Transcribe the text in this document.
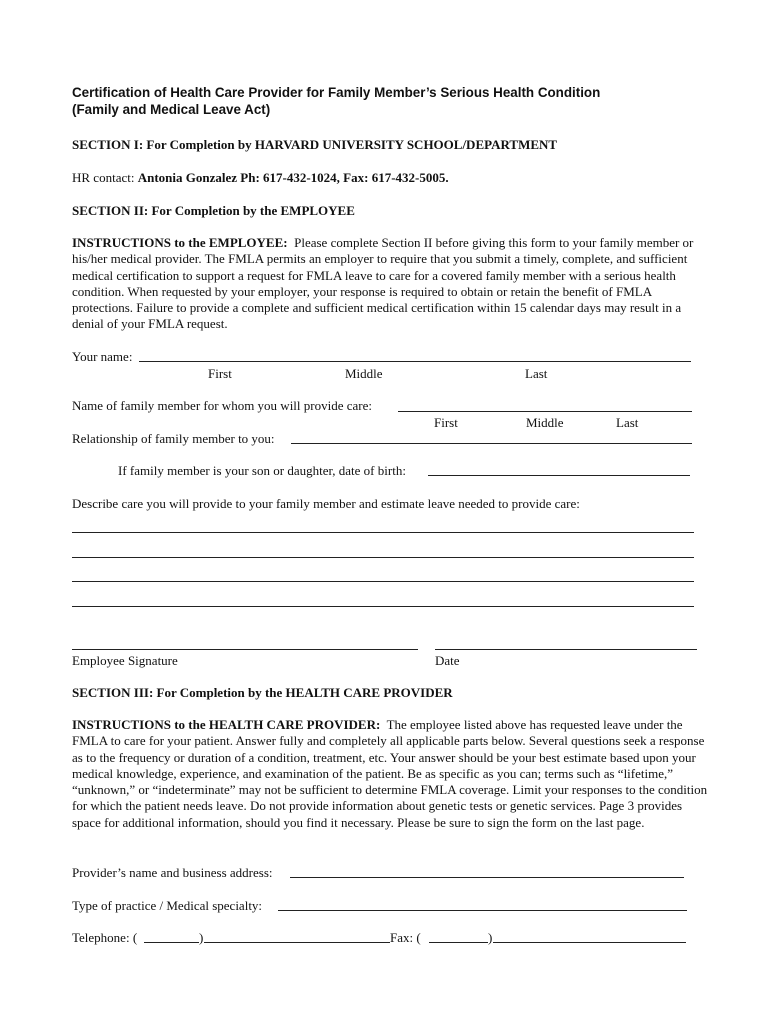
Certification of Health Care Provider for Family Member’s Serious Health Condition
(Family and Medical Leave Act)
SECTION I: For Completion by HARVARD UNIVERSITY SCHOOL/DEPARTMENT
HR contact: Antonia Gonzalez Ph: 617-432-1024, Fax: 617-432-5005.
SECTION II: For Completion by the EMPLOYEE
INSTRUCTIONS to the EMPLOYEE: Please complete Section II before giving this form to your family member or his/her medical provider. The FMLA permits an employer to require that you submit a timely, complete, and sufficient medical certification to support a request for FMLA leave to care for a covered family member with a serious health condition. When requested by your employer, your response is required to obtain or retain the benefit of FMLA protections. Failure to provide a complete and sufficient medical certification within 15 calendar days may result in a denial of your FMLA request.
Your name:
First	Middle	Last
Name of family member for whom you will provide care:
First	Middle	Last
Relationship of family member to you:
If family member is your son or daughter, date of birth:
Describe care you will provide to your family member and estimate leave needed to provide care:
Employee Signature	Date
SECTION III: For Completion by the HEALTH CARE PROVIDER
INSTRUCTIONS to the HEALTH CARE PROVIDER: The employee listed above has requested leave under the FMLA to care for your patient. Answer fully and completely all applicable parts below. Several questions seek a response as to the frequency or duration of a condition, treatment, etc. Your answer should be your best estimate based upon your medical knowledge, experience, and examination of the patient. Be as specific as you can; terms such as “lifetime,” “unknown,” or “indeterminate” may not be sufficient to determine FMLA coverage. Limit your responses to the condition for which the patient needs leave. Do not provide information about genetic tests or genetic services. Page 3 provides space for additional information, should you find it necessary. Please be sure to sign the form on the last page.
Provider’s name and business address:
Type of practice / Medical specialty:
Telephone: (	)	Fax: (	)
